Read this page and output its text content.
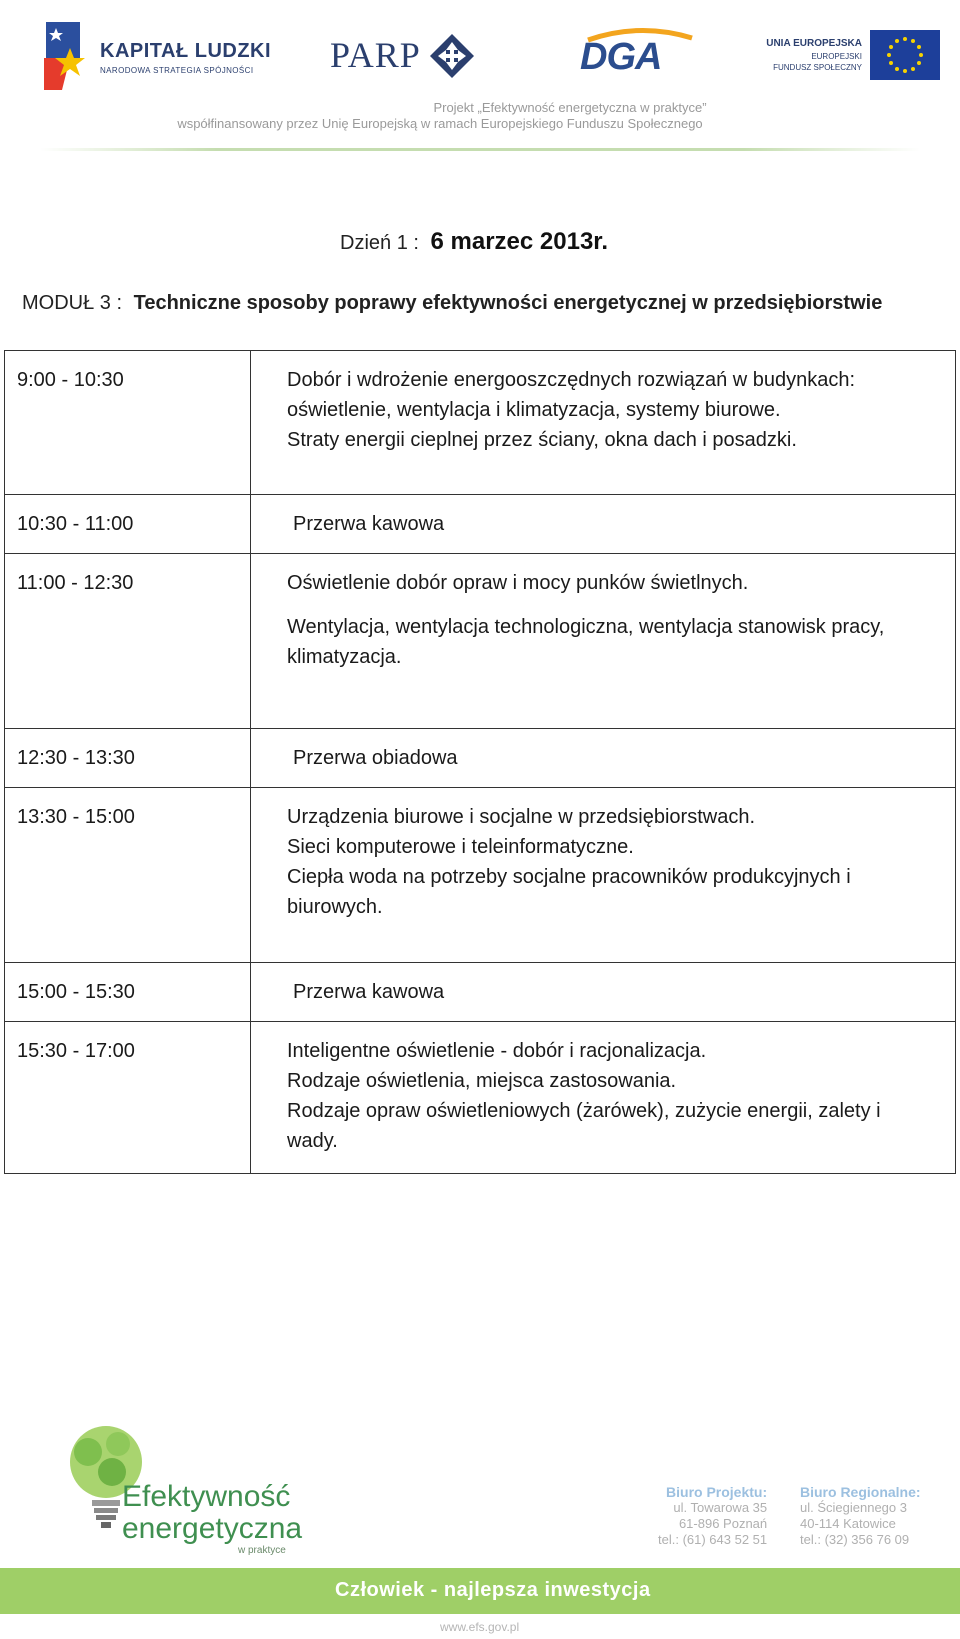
KAPITAŁ LUDZKI
NARODOWA STRATEGIA SPÓJNOŚCI PARP	DGA	UNIA EUROPEJSKA
EUROPEJSKI
FUNDUSZ SPOŁECZNY
Projekt „Efektywność energetyczna w praktyce”
współfinansowany przez Unię Europejską w ramach Europejskiego Funduszu Społecznego
Dzień 1 : 6 marzec 2013r.
MODUŁ 3 : Techniczne sposoby poprawy efektywności energetycznej w przedsiębiorstwie
9:00 - 10:30	Dobór i wdrożenie energooszczędnych rozwiązań w budynkach: oświetlenie, wentylacja i klimatyzacja, systemy biurowe.

Straty energii cieplnej przez ściany, okna dach i posadzki.

10:30 - 11:00	Przerwa kawowa

11:00 - 12:30	Oświetlenie dobór opraw i mocy punków świetlnych.

Wentylacja, wentylacja technologiczna, wentylacja stanowisk pracy, klimatyzacja.

12:30 - 13:30	Przerwa obiadowa

13:30 - 15:00	Urządzenia biurowe i socjalne w przedsiębiorstwach.

Sieci komputerowe i teleinformatyczne.

Ciepła woda na potrzeby socjalne pracowników produkcyjnych i biurowych.

15:00 - 15:30	Przerwa kawowa

15:30 - 17:00	Inteligentne oświetlenie - dobór i racjonalizacja.

Rodzaje oświetlenia, miejsca zastosowania.

Rodzaje opraw oświetleniowych (żarówek), zużycie energii, zalety i wady.

Efektywność
energetyczna
w praktyce
Biuro Projektu:
ul. Towarowa 35
61-896 Poznań
tel.: (61) 643 52 51
Biuro Regionalne:
ul. Ściegiennego 3
40-114 Katowice
tel.: (32) 356 76 09
Człowiek - najlepsza inwestycja
www.efs.gov.pl
